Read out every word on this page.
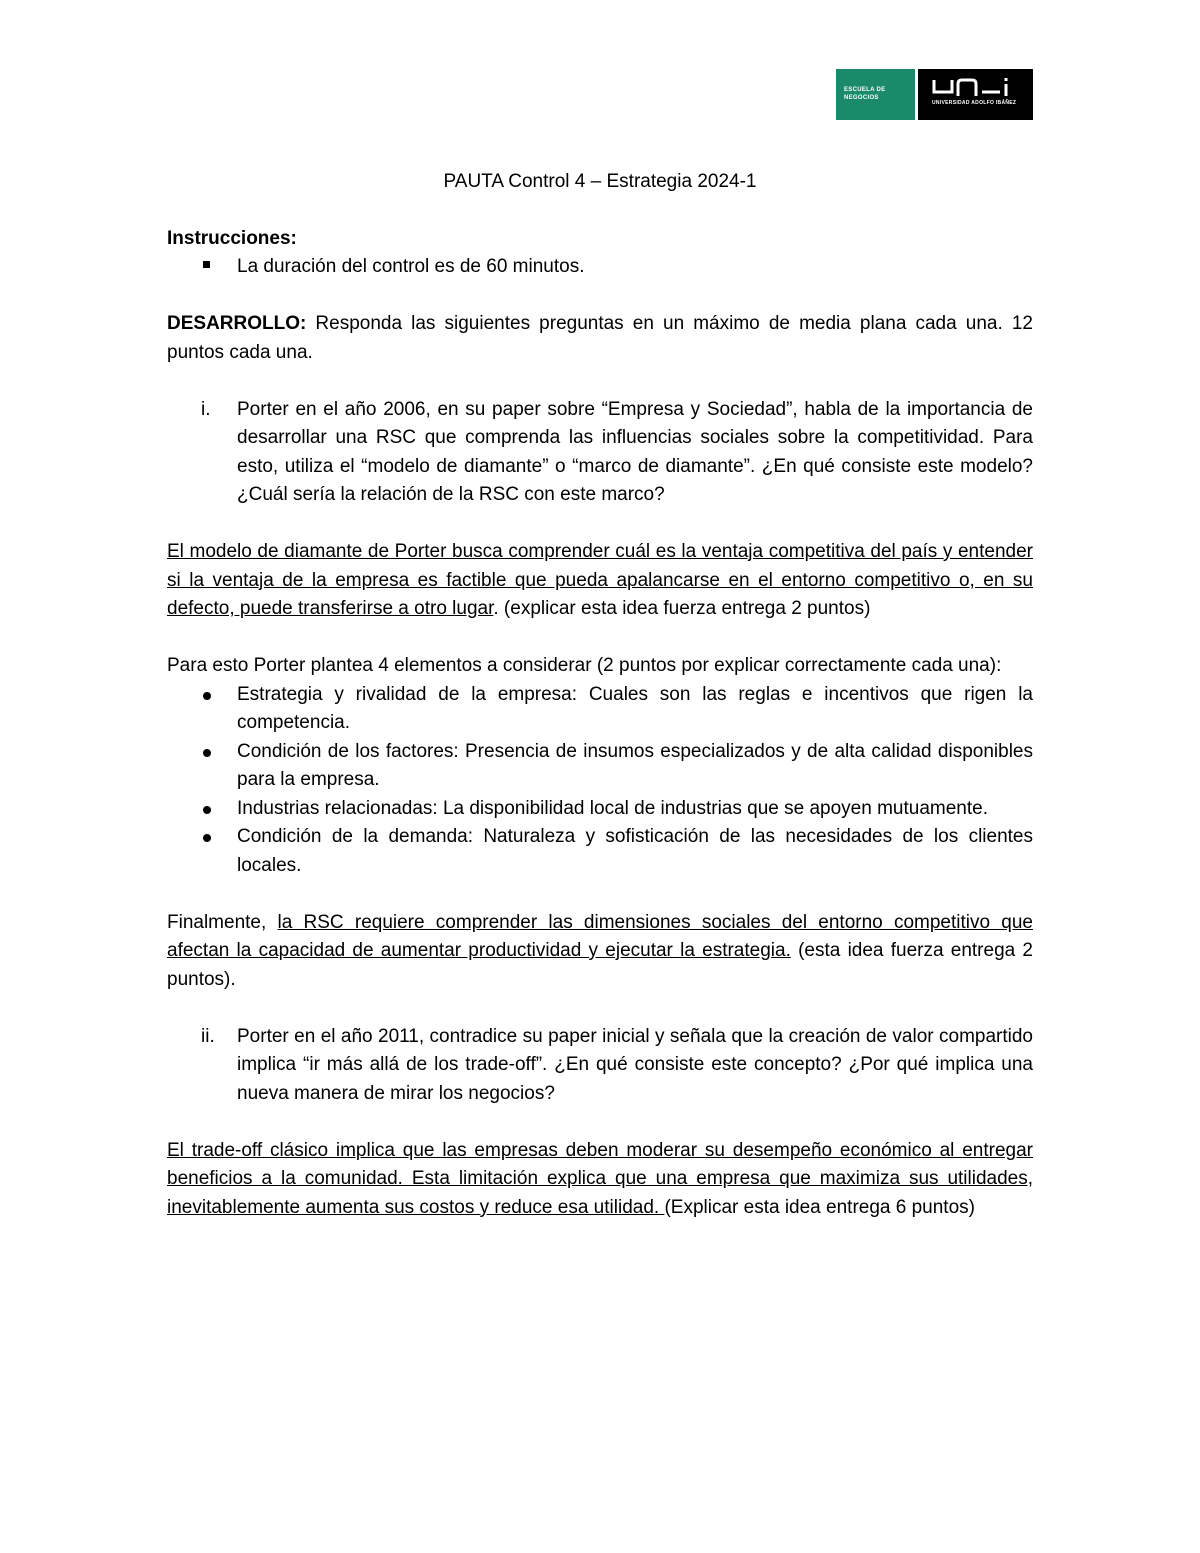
ESCUELA DE
NEGOCIOS
UNIVERSIDAD ADOLFO IBÁÑEZ
PAUTA Control 4 – Estrategia 2024-1
Instrucciones:
La duración del control es de 60 minutos.
DESARROLLO: Responda las siguientes preguntas en un máximo de media plana cada una. 12 puntos cada una.
i.	Porter en el año 2006, en su paper sobre “Empresa y Sociedad”, habla de la importancia de desarrollar una RSC que comprenda las influencias sociales sobre la competitividad. Para esto, utiliza el “modelo de diamante” o “marco de diamante”. ¿En qué consiste este modelo? ¿Cuál sería la relación de la RSC con este marco?
El modelo de diamante de Porter busca comprender cuál es la ventaja competitiva del país y entender si la ventaja de la empresa es factible que pueda apalancarse en el entorno competitivo o, en su defecto, puede transferirse a otro lugar. (explicar esta idea fuerza entrega 2 puntos)
Para esto Porter plantea 4 elementos a considerar (2 puntos por explicar correctamente cada una):
Estrategia y rivalidad de la empresa: Cuales son las reglas e incentivos que rigen la competencia.
Condición de los factores: Presencia de insumos especializados y de alta calidad disponibles para la empresa.
Industrias relacionadas: La disponibilidad local de industrias que se apoyen mutuamente.
Condición de la demanda: Naturaleza y sofisticación de las necesidades de los clientes locales.
Finalmente, la RSC requiere comprender las dimensiones sociales del entorno competitivo que afectan la capacidad de aumentar productividad y ejecutar la estrategia. (esta idea fuerza entrega 2 puntos).
ii.	Porter en el año 2011, contradice su paper inicial y señala que la creación de valor compartido implica “ir más allá de los trade-off”. ¿En qué consiste este concepto? ¿Por qué implica una nueva manera de mirar los negocios?
El trade-off clásico implica que las empresas deben moderar su desempeño económico al entregar beneficios a la comunidad. Esta limitación explica que una empresa que maximiza sus utilidades, inevitablemente aumenta sus costos y reduce esa utilidad. (Explicar esta idea entrega 6 puntos)
